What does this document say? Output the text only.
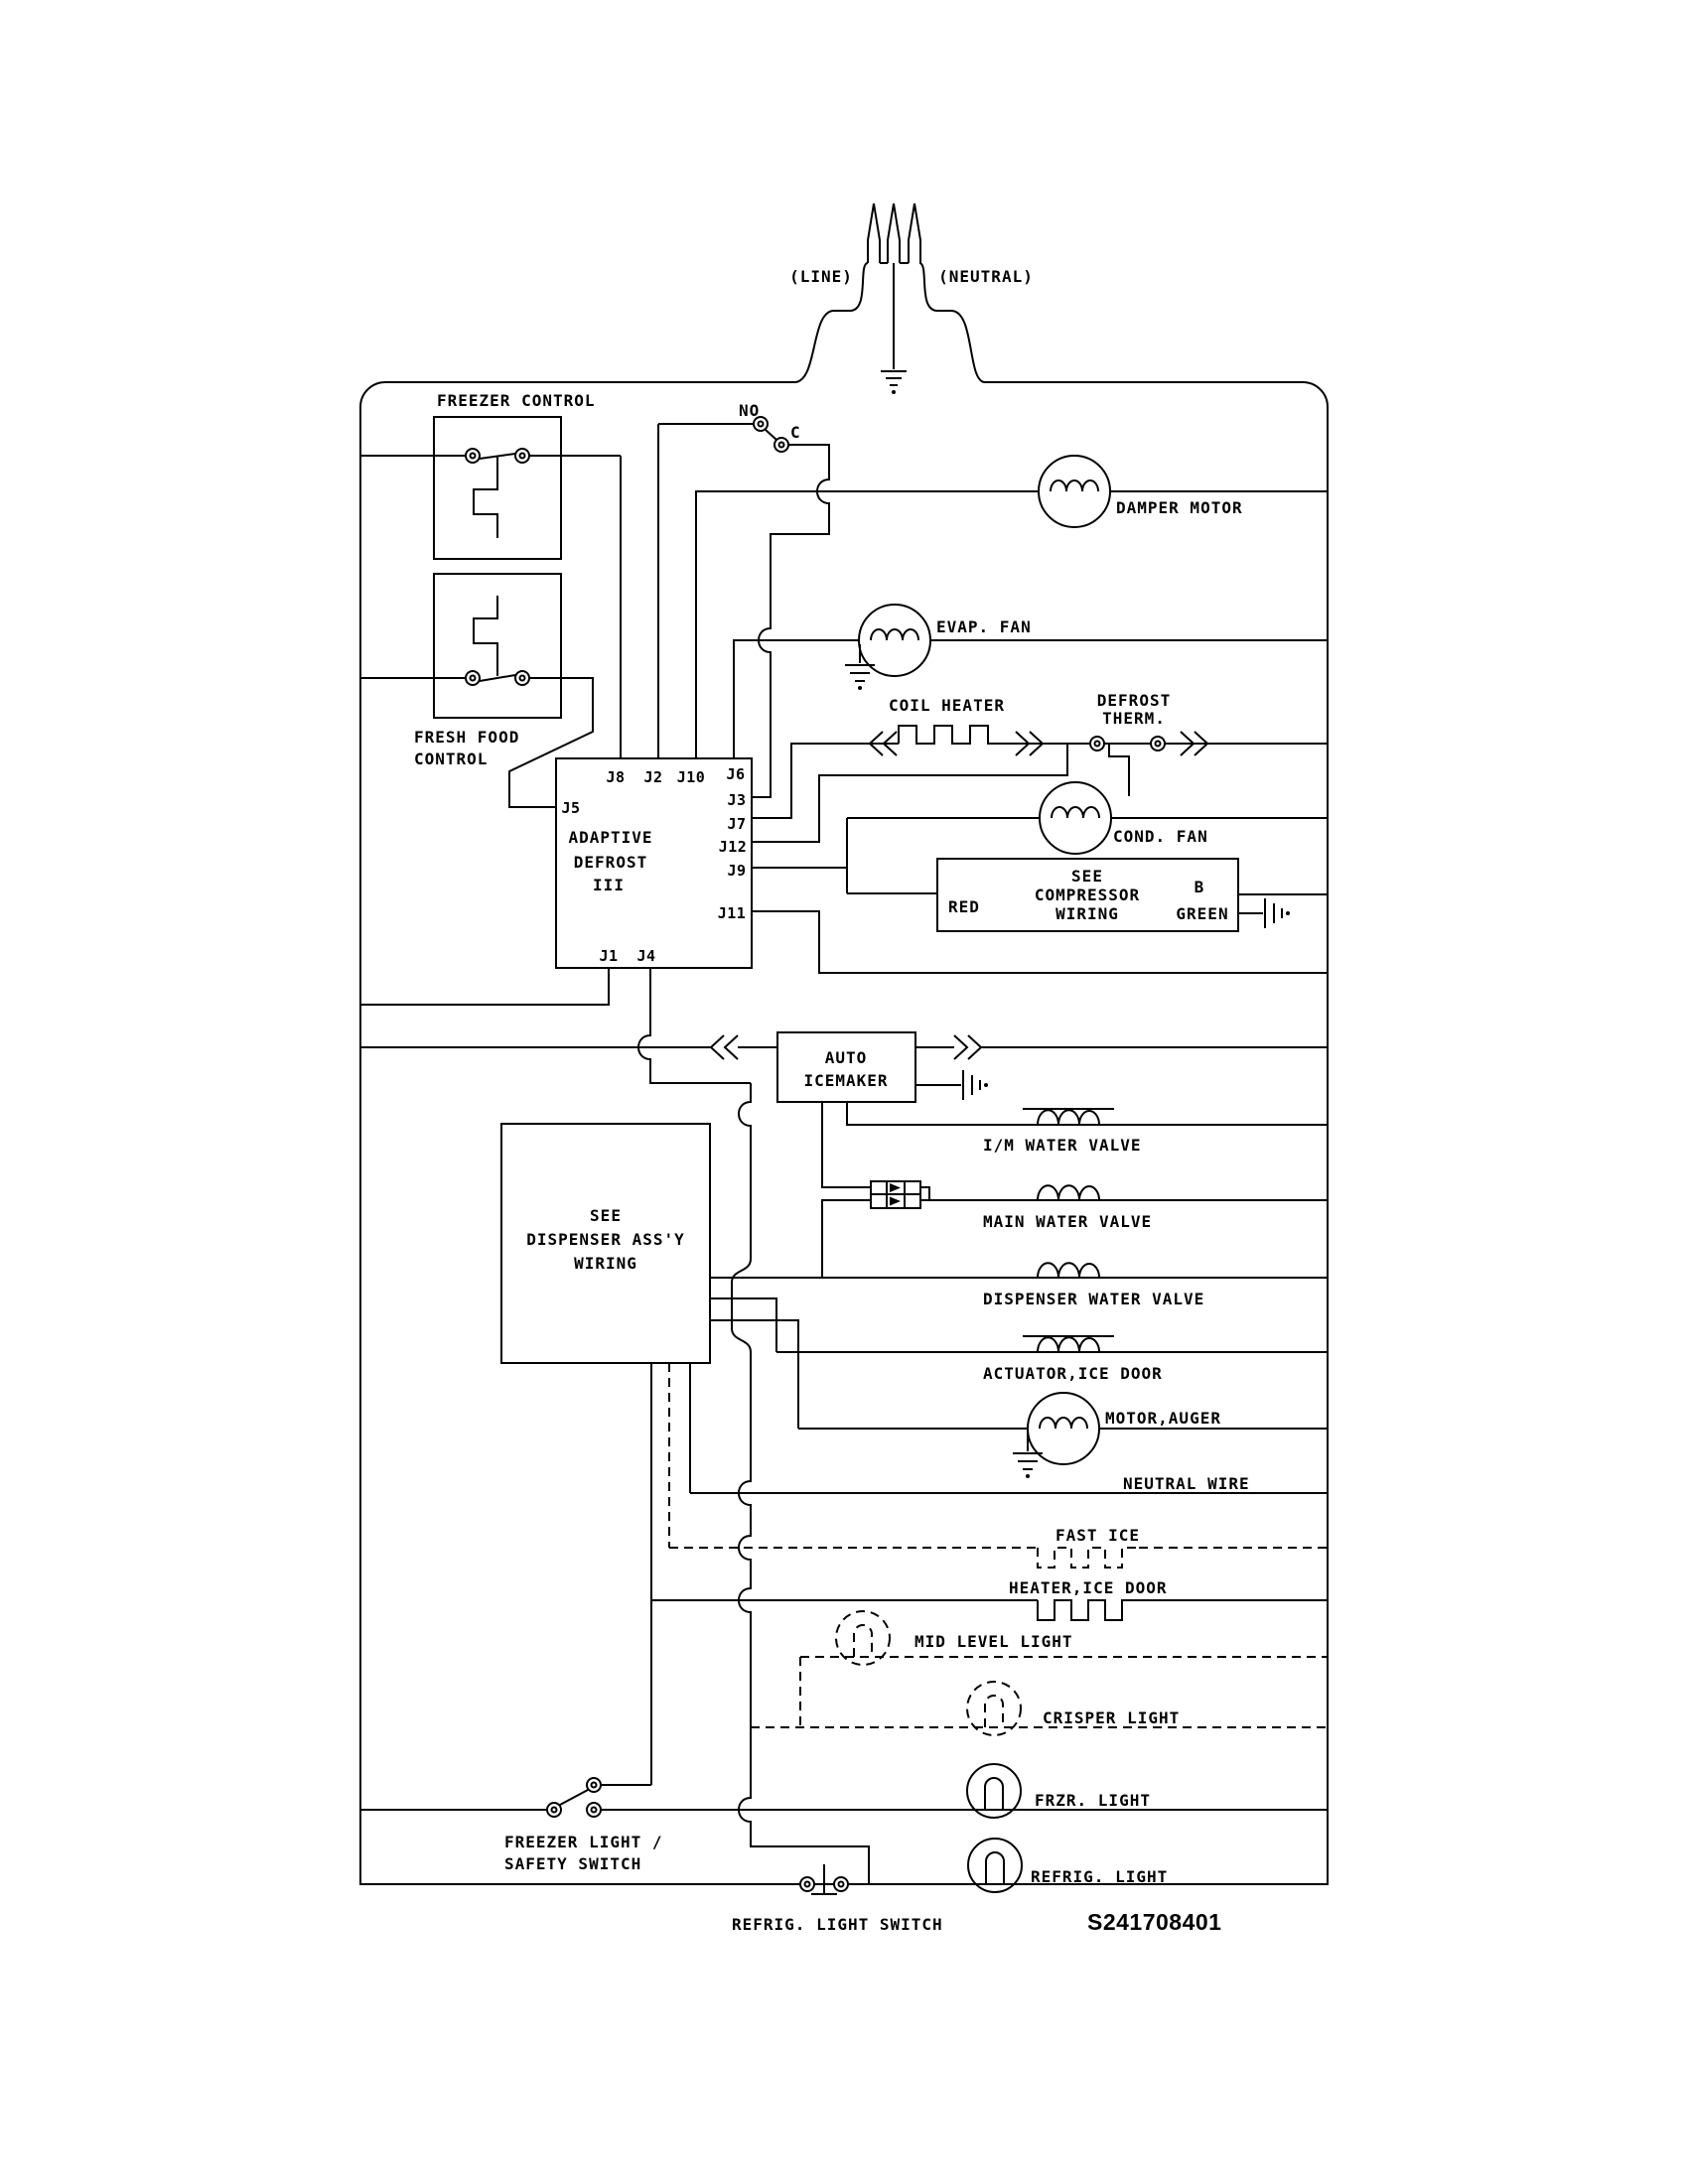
(LINE)	(NEUTRAL)
FREEZER CONTROL
FRESH FOOD
CONTROL
NO
C
ADAPTIVE
DEFROST
III
J8 J2 J10 J6
J5	J3
J7
J12
J9
J11
J1 J4
DAMPER MOTOR
EVAP. FAN
COIL HEATER	DEFROST
THERM.
COND. FAN
SEE
COMPRESSOR
WIRING
RED
B
GREEN
AUTO
ICEMAKER
I/M WATER VALVE
MAIN WATER VALVE
SEE
DISPENSER ASS'Y
WIRING
DISPENSER WATER VALVE
ACTUATOR,ICE DOOR
MOTOR,AUGER
NEUTRAL WIRE
FAST ICE
HEATER,ICE DOOR
MID LEVEL LIGHT
CRISPER LIGHT
FRZR. LIGHT
FREEZER LIGHT /
SAFETY SWITCH
REFRIG. LIGHT
REFRIG. LIGHT SWITCH	S241708401
